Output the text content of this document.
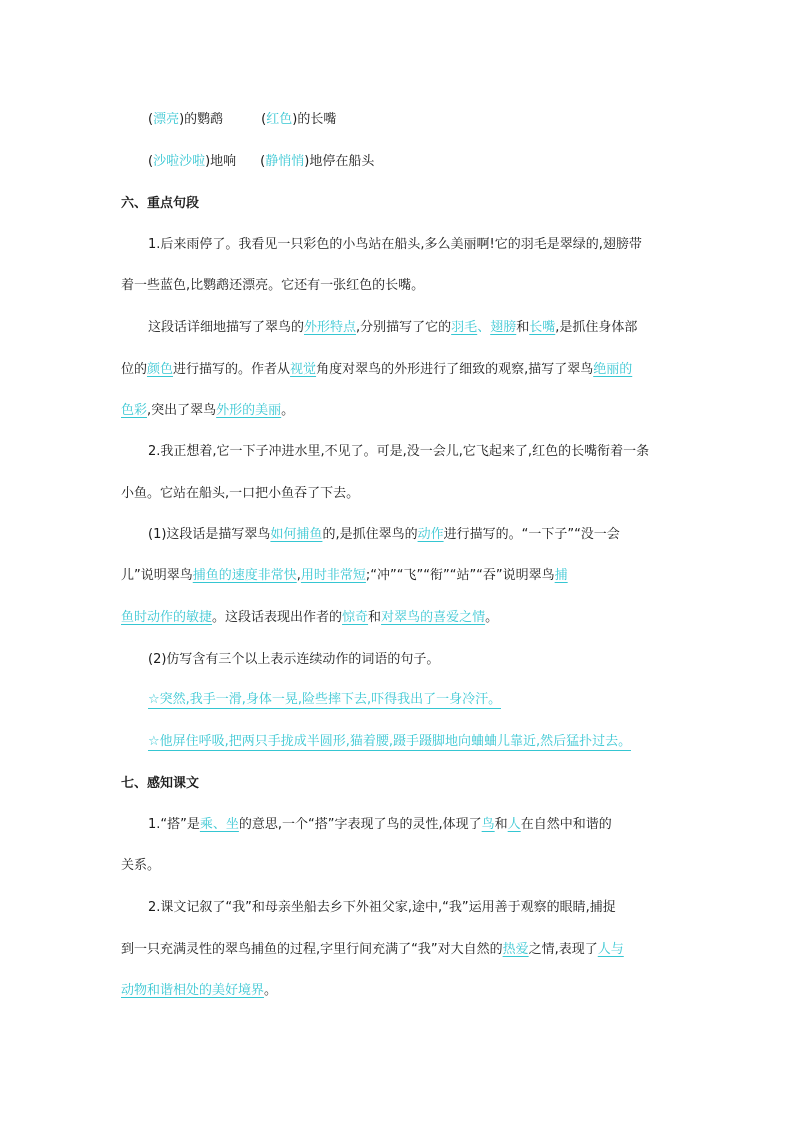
(漂亮)的鹦鹉	(红色)的长嘴
(沙啦沙啦)地响 (静悄悄)地停在船头
六、重点句段
1.后来雨停了。我看见一只彩色的小鸟站在船头,多么美丽啊!它的羽毛是翠绿的,翅膀带
着一些蓝色,比鹦鹉还漂亮。它还有一张红色的长嘴。
这段话详细地描写了翠鸟的外形特点,分别描写了它的羽毛、翅膀和长嘴,是抓住身体部
位的颜色进行描写的。作者从视觉角度对翠鸟的外形进行了细致的观察,描写了翠鸟绝丽的
色彩,突出了翠鸟外形的美丽。
2.我正想着,它一下子冲进水里,不见了。可是,没一会儿,它飞起来了,红色的长嘴衔着一条
小鱼。它站在船头,一口把小鱼吞了下去。
(1)这段话是描写翠鸟如何捕鱼的,是抓住翠鸟的动作进行描写的。“一下子”“没一会
儿”说明翠鸟捕鱼的速度非常快,用时非常短;“冲”“飞”“衔”“站”“吞”说明翠鸟捕
鱼时动作的敏捷。这段话表现出作者的惊奇和对翠鸟的喜爱之情。
(2)仿写含有三个以上表示连续动作的词语的句子。
☆突然,我手一滑,身体一晃,险些摔下去,吓得我出了一身冷汗。
☆他屏住呼吸,把两只手拢成半圆形,猫着腰,蹑手蹑脚地向蛐蛐儿靠近,然后猛扑过去。
七、感知课文
1.“搭”是乘、坐的意思,一个“搭”字表现了鸟的灵性,体现了鸟和人在自然中和谐的
关系。
2.课文记叙了“我”和母亲坐船去乡下外祖父家,途中,“我”运用善于观察的眼睛,捕捉
到一只充满灵性的翠鸟捕鱼的过程,字里行间充满了“我”对大自然的热爱之情,表现了人与
动物和谐相处的美好境界。
